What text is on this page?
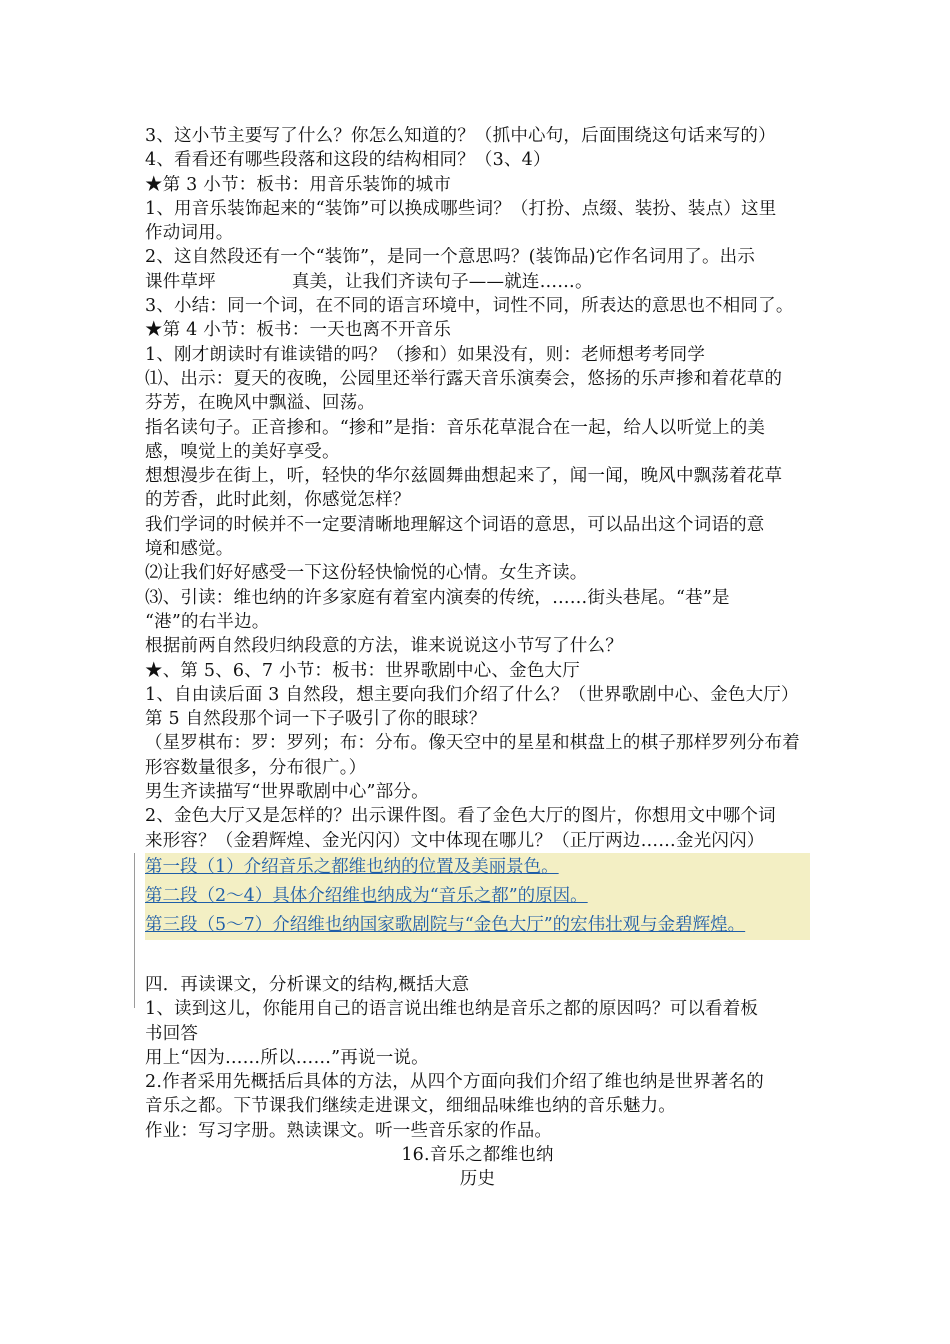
3、这小节主要写了什么？你怎么知道的？（抓中心句，后面围绕这句话来写的）
4、看看还有哪些段落和这段的结构相同？（3、4）
★第 3 小节：板书：用音乐装饰的城市
1、用音乐装饰起来的“装饰”可以换成哪些词？（打扮、点缀、装扮、装点）这里
作动词用。
2、这自然段还有一个“装饰”，是同一个意思吗？(装饰品)它作名词用了。出示
课件草坪	真美，让我们齐读句子——就连……。
3、小结：同一个词，在不同的语言环境中，词性不同，所表达的意思也不相同了。
★第 4 小节：板书：一天也离不开音乐
1、刚才朗读时有谁读错的吗？（掺和）如果没有，则：老师想考考同学
⑴、出示：夏天的夜晚，公园里还举行露天音乐演奏会，悠扬的乐声掺和着花草的
芬芳，在晚风中飘溢、回荡。
指名读句子。正音掺和。“掺和”是指：音乐花草混合在一起，给人以听觉上的美
感，嗅觉上的美好享受。
想想漫步在街上，听，轻快的华尔兹圆舞曲想起来了，闻一闻，晚风中飘荡着花草
的芳香，此时此刻，你感觉怎样？
我们学词的时候并不一定要清晰地理解这个词语的意思，可以品出这个词语的意
境和感觉。
⑵让我们好好感受一下这份轻快愉悦的心情。女生齐读。
⑶、引读：维也纳的许多家庭有着室内演奏的传统，……街头巷尾。“巷”是
“港”的右半边。
根据前两自然段归纳段意的方法，谁来说说这小节写了什么？
★、第 5、6、7 小节：板书：世界歌剧中心、金色大厅
1、自由读后面 3 自然段，想主要向我们介绍了什么？（世界歌剧中心、金色大厅）
第 5 自然段那个词一下子吸引了你的眼球？
（星罗棋布：罗：罗列；布：分布。像天空中的星星和棋盘上的棋子那样罗列分布着
形容数量很多，分布很广。）
男生齐读描写“世界歌剧中心”部分。
2、金色大厅又是怎样的？出示课件图。看了金色大厅的图片，你想用文中哪个词
来形容？（金碧辉煌、金光闪闪）文中体现在哪儿？（正厅两边……金光闪闪）
第一段（1）介绍音乐之都维也纳的位置及美丽景色。
第二段（2～4）具体介绍维也纳成为“音乐之都”的原因。
第三段（5～7）介绍维也纳国家歌剧院与“金色大厅”的宏伟壮观与金碧辉煌。
四．再读课文，分析课文的结构,概括大意
1、读到这儿，你能用自己的语言说出维也纳是音乐之都的原因吗？可以看着板
书回答
用上“因为……所以……”再说一说。
2.作者采用先概括后具体的方法，从四个方面向我们介绍了维也纳是世界著名的
音乐之都。下节课我们继续走进课文，细细品味维也纳的音乐魅力。
作业：写习字册。熟读课文。听一些音乐家的作品。
16.音乐之都维也纳
历史
